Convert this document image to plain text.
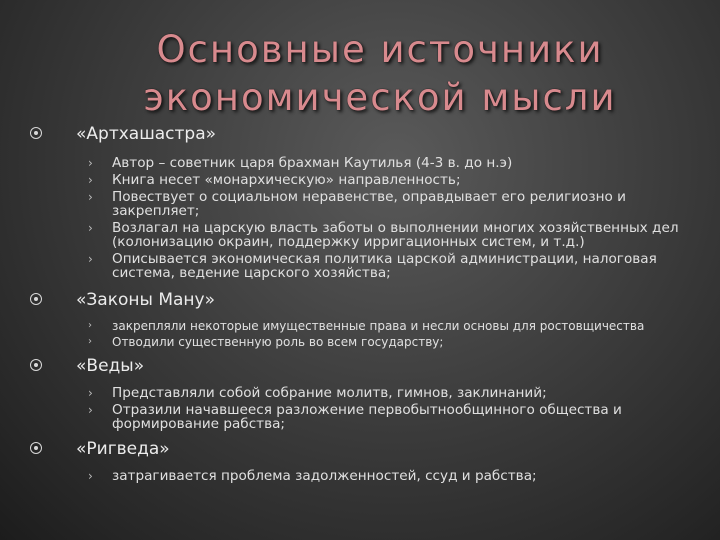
Основные источники
экономической мысли
«Артхашастра»
› Автор – советник царя брахман Каутилья (4-3 в. до н.э)
› Книга несет «монархическую» направленность;
› Повествует о социальном неравенстве, оправдывает его религиозно и закрепляет;
› Возлагал на царскую власть заботы о выполнении многих хозяйственных дел (колонизацию окраин, поддержку ирригационных систем, и т.д.)
› Описывается экономическая политика царской администрации, налоговая система, ведение царского хозяйства;
«Законы Ману»
› закрепляли некоторые имущественные права и несли основы для ростовщичества
› Отводили существенную роль во всем государству;
«Веды»
› Представляли собой собрание молитв, гимнов, заклинаний;
› Отразили начавшееся разложение первобытнообщинного общества и формирование рабства;
«Ригведа»
› затрагивается проблема задолженностей, ссуд и рабства;
